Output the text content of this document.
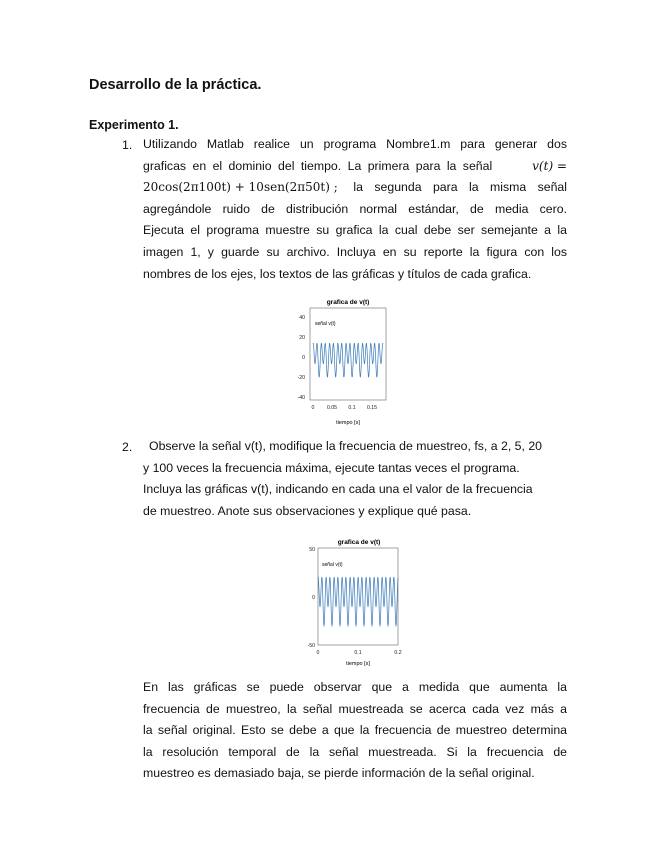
Desarrollo de la práctica.
Experimento 1.
1. Utilizando Matlab realice un programa Nombre1.m para generar dos
graficas en el dominio del tiempo. La primera para la señal	v(t) =
20cos(2π100t) + 10sen(2π50t) ; la segunda para la misma señal
agregándole ruido de distribución normal estándar, de media cero.
Ejecuta el programa muestre su grafica la cual debe ser semejante a la
imagen 1, y guarde su archivo. Incluya en su reporte la figura con los
nombres de los ejes, los textos de las gráficas y títulos de cada grafica.
grafica de v(t)
señal v(t)
40
20
0
-20
-40
0 0.05 0.1 0.15
tiempo [s]
2.	Observe la señal v(t), modifique la frecuencia de muestreo, fs, a 2, 5, 20
y 100 veces la frecuencia máxima, ejecute tantas veces el programa.
Incluya las gráficas v(t), indicando en cada una el valor de la frecuencia
de muestreo. Anote sus observaciones y explique qué pasa.
grafica de v(t)
señal v(t)
50
0
-50
0	0.1	0.2
tiempo [s]
En las gráficas se puede observar que a medida que aumenta la
frecuencia de muestreo, la señal muestreada se acerca cada vez más a
la señal original. Esto se debe a que la frecuencia de muestreo determina
la resolución temporal de la señal muestreada. Si la frecuencia de
muestreo es demasiado baja, se pierde información de la señal original.
